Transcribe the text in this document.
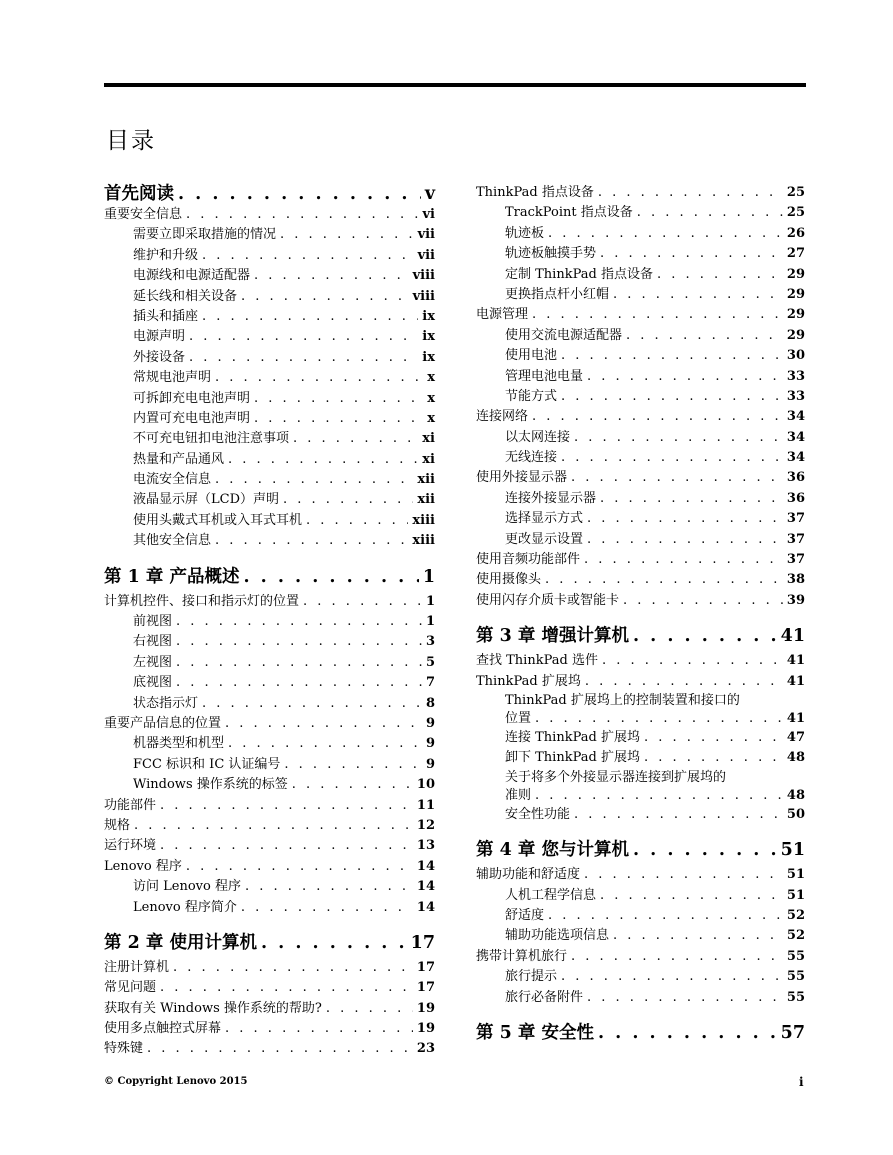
目录
首先阅读 . . .	v
重要安全信息 . . .	vi
需要立即采取措施的情况 . . .	vii
维护和升级 . . .	vii
电源线和电源适配器 . . .	viii
延长线和相关设备 . . .	viii
插头和插座 . . .	ix
电源声明 . . .	ix
外接设备 . . .	ix
常规电池声明 . . .	x
可拆卸充电电池声明 . . .	x
内置可充电电池声明 . . .	x
不可充电钮扣电池注意事项 . . .	xi
热量和产品通风 . . .	xi
电流安全信息 . . .	xii
液晶显示屏（LCD）声明 . . .	xii
使用头戴式耳机或入耳式耳机 . . .	xiii
其他安全信息 . . .	xiii
第 1 章 产品概述 . . .	1
计算机控件、接口和指示灯的位置 . . .	1
前视图 . . .	1
右视图 . . .	3
左视图 . . .	5
底视图 . . .	7
状态指示灯 . . .	8
重要产品信息的位置 . . .	9
机器类型和机型 . . .	9
FCC 标识和 IC 认证编号 . . .	9
Windows 操作系统的标签 . . .	10
功能部件 . . .	11
规格 . . .	12
运行环境 . . .	13
Lenovo 程序 . . .	14
访问 Lenovo 程序 . . .	14
Lenovo 程序简介 . . .	14
第 2 章 使用计算机 . . .	17
注册计算机 . . .	17
常见问题 . . .	17
获取有关 Windows 操作系统的帮助? . . .	19
使用多点触控式屏幕 . . .	19
特殊键 . . .	23
ThinkPad 指点设备 . . .	25
TrackPoint 指点设备 . . .	25
轨迹板 . . .	26
轨迹板触摸手势 . . .	27
定制 ThinkPad 指点设备 . . .	29
更换指点杆小红帽 . . .	29
电源管理 . . .	29
使用交流电源适配器 . . .	29
使用电池 . . .	30
管理电池电量 . . .	33
节能方式 . . .	33
连接网络 . . .	34
以太网连接 . . .	34
无线连接 . . .	34
使用外接显示器 . . .	36
连接外接显示器 . . .	36
选择显示方式 . . .	37
更改显示设置 . . .	37
使用音频功能部件 . . .	37
使用摄像头 . . .	38
使用闪存介质卡或智能卡 . . .	39
第 3 章 增强计算机 . . .	41
查找 ThinkPad 选件 . . .	41
ThinkPad 扩展坞 . . .	41
ThinkPad 扩展坞上的控制装置和接口的
位置 . . .	41
连接 ThinkPad 扩展坞 . . .	47
卸下 ThinkPad 扩展坞 . . .	48
关于将多个外接显示器连接到扩展坞的
准则 . . .	48
安全性功能 . . .	50
第 4 章 您与计算机 . . .	51
辅助功能和舒适度 . . .	51
人机工程学信息 . . .	51
舒适度 . . .	52
辅助功能选项信息 . . .	52
携带计算机旅行 . . .	55
旅行提示 . . .	55
旅行必备附件 . . .	55
第 5 章 安全性 . . .	57
© Copyright Lenovo 2015	i
